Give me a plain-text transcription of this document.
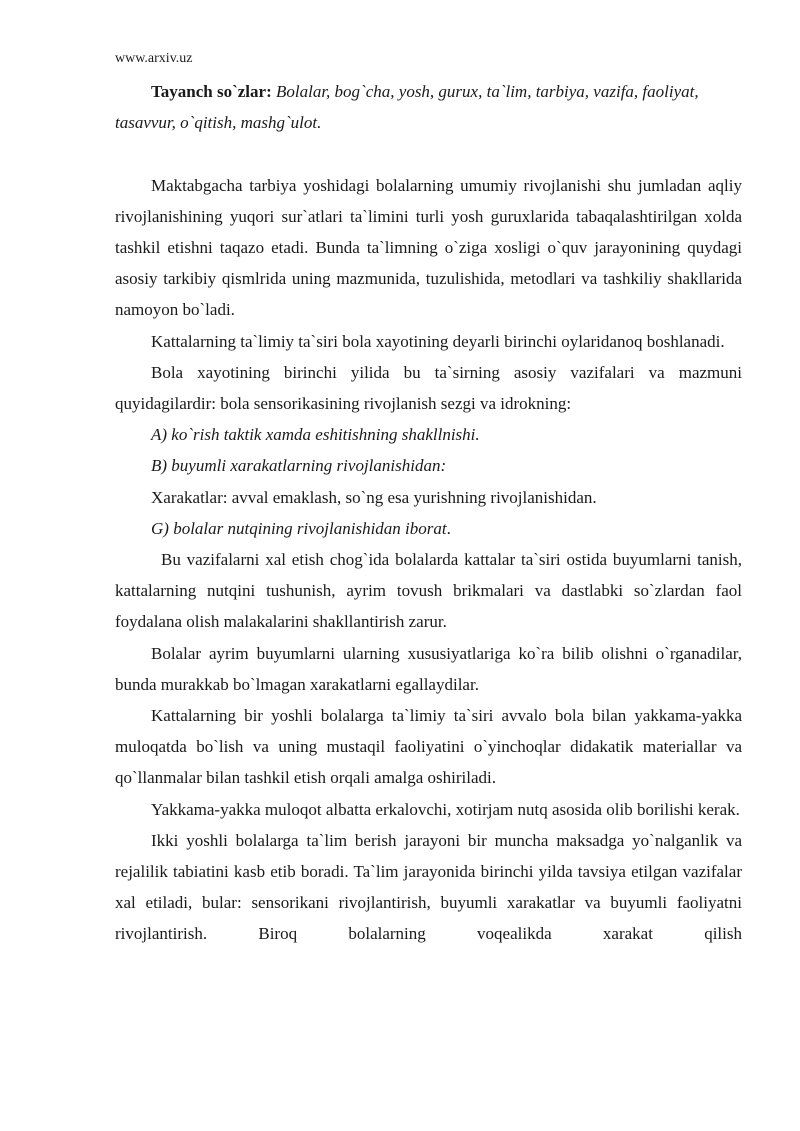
www.arxiv.uz

Tayanch so`zlar: Bolalar, bog`cha, yosh, gurux, ta`lim, tarbiya, vazifa, faoliyat, tasavvur, o`qitish, mashg`ulot.

Maktabgacha tarbiya yoshidagi bolalarning umumiy rivojlanishi shu jumladan aqliy rivojlanishining yuqori sur`atlari ta`limini turli yosh guruxlarida tabaqalashtirilgan xolda tashkil etishni taqazo etadi. Bunda ta`limning o`ziga xosligi o`quv jarayonining quydagi asosiy tarkibiy qismlrida uning mazmunida, tuzulishida, metodlari va tashkiliy shakllarida namoyon bo`ladi.

Kattalarning ta`limiy ta`siri bola xayotining deyarli birinchi oylaridanoq boshlanadi.

Bola xayotining birinchi yilida bu ta`sirning asosiy vazifalari va mazmuni quyidagilardir: bola sensorikasining rivojlanish sezgi va idrokning:

A) ko`rish taktik xamda eshitishning shakllnishi.

B) buyumli xarakatlarning rivojlanishidan:

Xarakatlar: avval emaklash, so`ng esa yurishning rivojlanishidan.

G) bolalar nutqining rivojlanishidan iborat.

Bu vazifalarni xal etish chog`ida bolalarda kattalar ta`siri ostida buyumlarni tanish, kattalarning nutqini tushunish, ayrim tovush brikmalari va dastlabki so`zlardan faol foydalana olish malakalarini shakllantirish zarur.

Bolalar ayrim buyumlarni ularning xususiyatlariga ko`ra bilib olishni o`rganadilar, bunda murakkab bo`lmagan xarakatlarni egallaydilar.

Kattalarning bir yoshli bolalarga ta`limiy ta`siri avvalo bola bilan yakkama-yakka muloqatda bo`lish va uning mustaqil faoliyatini o`yinchoqlar didakatik materiallar va qo`llanmalar bilan tashkil etish orqali amalga oshiriladi.

Yakkama-yakka muloqot albatta erkalovchi, xotirjam nutq asosida olib borilishi kerak.

Ikki yoshli bolalarga ta`lim berish jarayoni bir muncha maksadga yo`nalganlik va rejalilik tabiatini kasb etib boradi. Ta`lim jarayonida birinchi yilda tavsiya etilgan vazifalar xal etiladi, bular: sensorikani rivojlantirish, buyumli xarakatlar va buyumli faoliyatni rivojlantirish. Biroq bolalarning voqealikda xarakat qilish
